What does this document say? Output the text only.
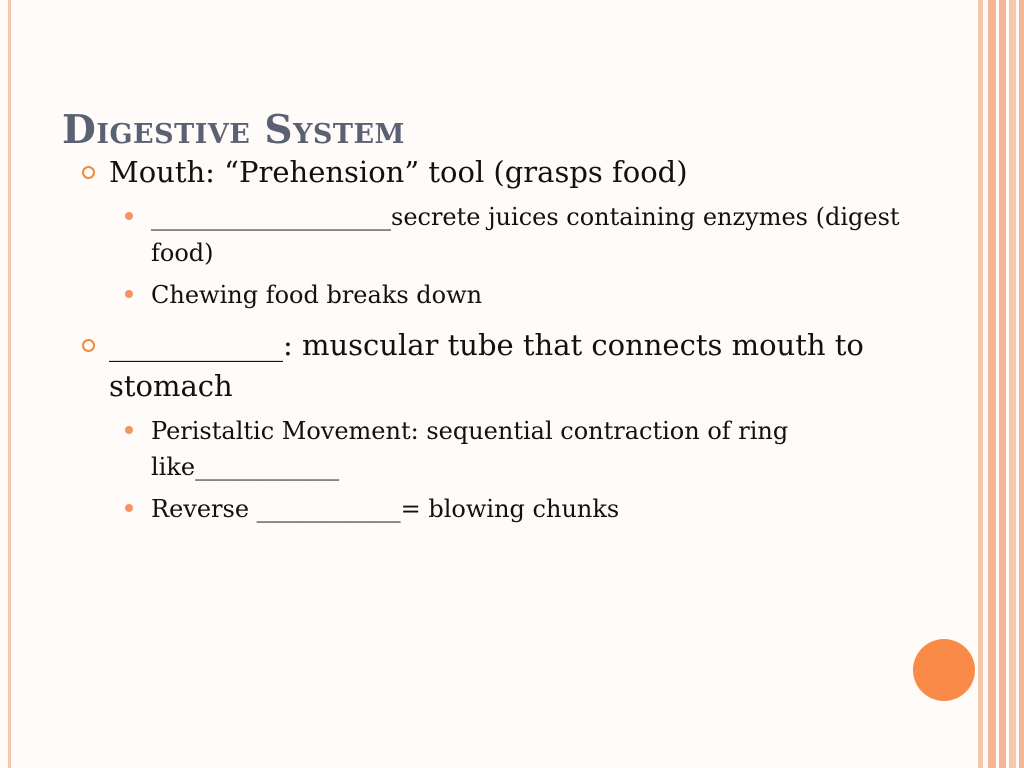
Digestive System
Mouth: “Prehension” tool (grasps food)
____________________secrete juices containing enzymes (digest food)
Chewing food breaks down
____________: muscular tube that connects mouth to stomach
Peristaltic Movement: sequential contraction of ring like____________
Reverse ____________= blowing chunks
